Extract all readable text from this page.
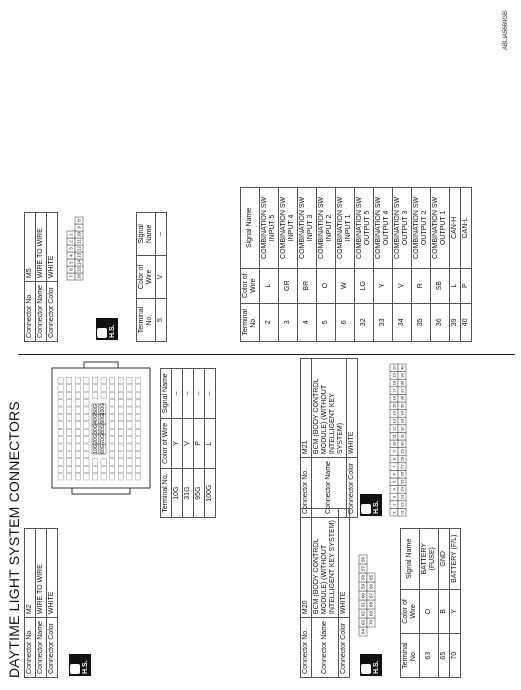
DAYTIME LIGHT SYSTEM CONNECTORS
ABLIA5669GB
Connector No.	M2
Connector Name	WIRE TO WIRE
Connector Color	WHITE
H.S.
10G
20G
30G
40G
50G
60G
70G
80G
90G
100G
Connector No.	M20
Connector Name	BCM (BODY CONTROL MODULE) (WITHOUT INTELLIGENT KEY SYSTEM)
Connector Color	WHITE
H.S.
64
63
62
61
60
59
58
57
56
70
69
68
67
66
65
Terminal No.	Color of Wire	Signal Name
63	O	BATTERY (FUSE)
65	B	GND
70	Y	BATTERY (F/L)
Connector No.	M21
Connector Name	BCM (BODY CONTROL MODULE) (WITHOUT INTELLIGENT KEY SYSTEM)
Connector Color	WHITE
H.S.	1
2
3
4
5
6
7
8
9
10
11
12
13
14
15
16
17
18
19
20
21
22
23
24
25
26
27
28
29
30
31
32
33
34
35
36
37
38
39
40
Connector No.	M5
Connector Name	WIRE TO WIRE
Connector Color	WHITE	7
6
5
4
3
2
1
16
15
14
13
12
11
10
9
8
H.S.	Terminal No.	Color of Wire	Signal Name
5	V	–
Terminal No.	Color of Wire	Signal Name
2	L	COMBINATION SW INPUT 5
3	GR	COMBINATION SW INPUT 4
4	BR	COMBINATION SW INPUT 3
5	O	COMBINATION SW INPUT 2
6	W	COMBINATION SW INPUT 1
32	LG	COMBINATION SW OUTPUT 5
33	Y	COMBINATION SW OUTPUT 4
34	V	COMBINATION SW OUTPUT 3
35	R	COMBINATION SW OUTPUT 2
36	SB	COMBINATION SW OUTPUT 1
39	L	CAN-H
40	P	CAN-L
Terminal No.	Color of Wire	Signal Name
10G	Y	–
31G	V	–
95G	P	–
100G	L	–
